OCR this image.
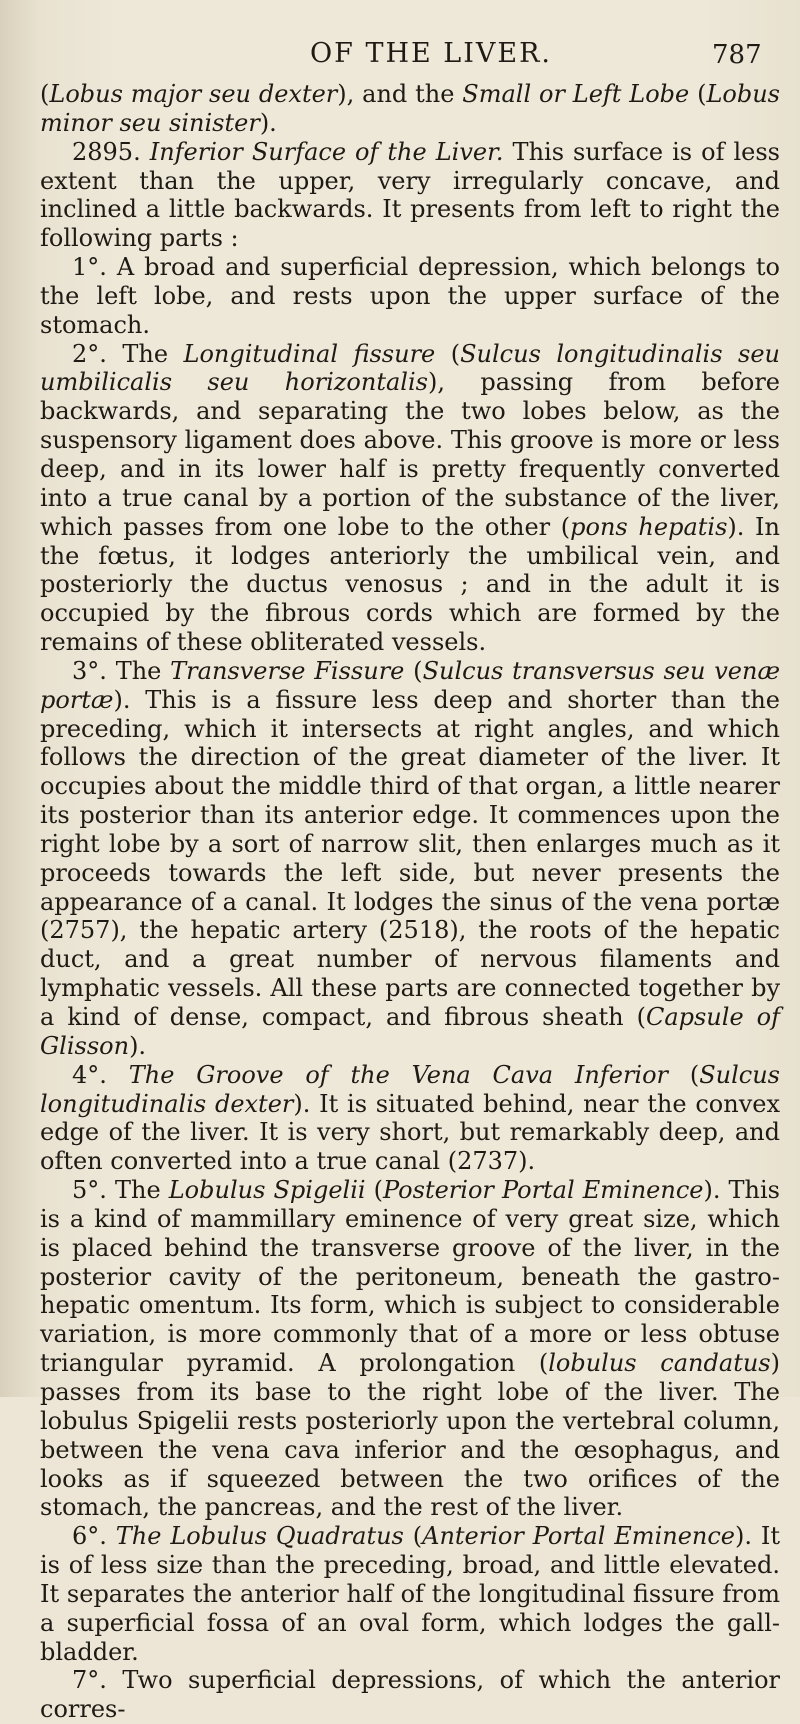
OF THE LIVER.	787

(Lobus major seu dexter), and the Small or Left Lobe (Lobus minor seu sinister).

2895. Inferior Surface of the Liver. This surface is of less extent than the upper, very irregularly concave, and inclined a little backwards. It presents from left to right the following parts :

1°. A broad and superficial depression, which belongs to the left lobe, and rests upon the upper surface of the stomach.

2°. The Longitudinal fissure (Sulcus longitudinalis seu umbilicalis seu horizontalis), passing from before backwards, and separating the two lobes below, as the suspensory ligament does above. This groove is more or less deep, and in its lower half is pretty frequently converted into a true canal by a portion of the substance of the liver, which passes from one lobe to the other (pons hepatis). In the fœtus, it lodges anteriorly the umbilical vein, and posteriorly the ductus venosus ; and in the adult it is occupied by the fibrous cords which are formed by the remains of these obliterated vessels.

3°. The Transverse Fissure (Sulcus transversus seu venæ portæ). This is a fissure less deep and shorter than the preceding, which it intersects at right angles, and which follows the direction of the great diameter of the liver. It occupies about the middle third of that organ, a little nearer its posterior than its anterior edge. It commences upon the right lobe by a sort of narrow slit, then enlarges much as it proceeds towards the left side, but never presents the appearance of a canal. It lodges the sinus of the vena portæ (2757), the hepatic artery (2518), the roots of the hepatic duct, and a great number of nervous filaments and lymphatic vessels. All these parts are connected together by a kind of dense, compact, and fibrous sheath (Capsule of Glisson).

4°. The Groove of the Vena Cava Inferior (Sulcus longitudinalis dexter). It is situated behind, near the convex edge of the liver. It is very short, but remarkably deep, and often converted into a true canal (2737).

5°. The Lobulus Spigelii (Posterior Portal Eminence). This is a kind of mammillary eminence of very great size, which is placed behind the transverse groove of the liver, in the posterior cavity of the peritoneum, beneath the gastro-hepatic omentum. Its form, which is subject to considerable variation, is more commonly that of a more or less obtuse triangular pyramid. A prolongation (lobulus candatus) passes from its base to the right lobe of the liver. The lobulus Spigelii rests posteriorly upon the vertebral column, between the vena cava inferior and the œsophagus, and looks as if squeezed between the two orifices of the stomach, the pancreas, and the rest of the liver.

6°. The Lobulus Quadratus (Anterior Portal Eminence). It is of less size than the preceding, broad, and little elevated. It separates the anterior half of the longitudinal fissure from a superficial fossa of an oval form, which lodges the gall-bladder.

7°. Two superficial depressions, of which the anterior corres-
